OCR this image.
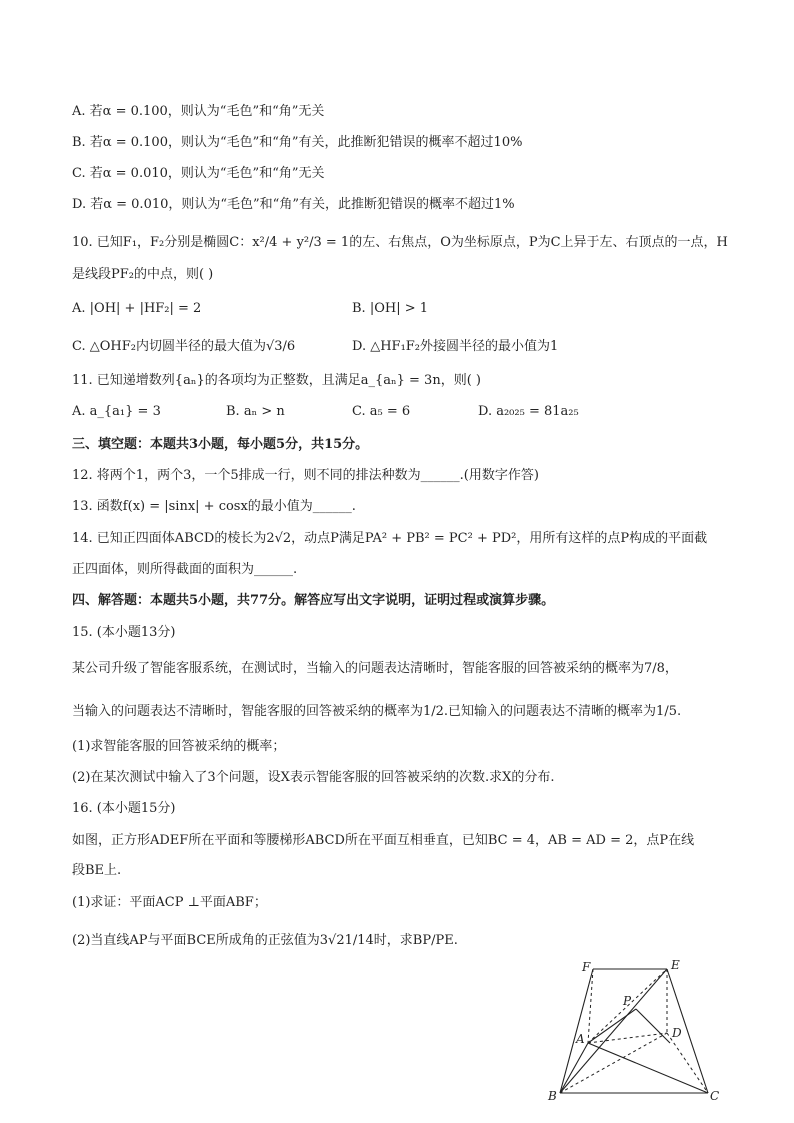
A. 若α = 0.100，则认为“毛色”和“角”无关
B. 若α = 0.100，则认为“毛色”和“角”有关，此推断犯错误的概率不超过10%
C. 若α = 0.010，则认为“毛色”和“角”无关
D. 若α = 0.010，则认为“毛色”和“角”有关，此推断犯错误的概率不超过1%
10. 已知F₁，F₂分别是椭圆C：x²/4 + y²/3 = 1的左、右焦点，O为坐标原点，P为C上异于左、右顶点的一点，H
是线段PF₂的中点，则( )
A. |OH| + |HF₂| = 2	B. |OH| > 1
C. △OHF₂内切圆半径的最大值为√3/6	D. △HF₁F₂外接圆半径的最小值为1
11. 已知递增数列{aₙ}的各项均为正整数，且满足a_{aₙ} = 3n，则( )
A. a_{a₁} = 3	B. aₙ > n	C. a₅ = 6	D. a₂₀₂₅ = 81a₂₅
三、填空题：本题共3小题，每小题5分，共15分。
12. 将两个1，两个3，一个5排成一行，则不同的排法种数为______.(用数字作答)
13. 函数f(x) = |sinx| + cosx的最小值为______.
14. 已知正四面体ABCD的棱长为2√2，动点P满足PA² + PB² = PC² + PD²，用所有这样的点P构成的平面截
正四面体，则所得截面的面积为______.
四、解答题：本题共5小题，共77分。解答应写出文字说明，证明过程或演算步骤。
15. (本小题13分)
某公司升级了智能客服系统，在测试时，当输入的问题表达清晰时，智能客服的回答被采纳的概率为7/8，
当输入的问题表达不清晰时，智能客服的回答被采纳的概率为1/2.已知输入的问题表达不清晰的概率为1/5.
(1)求智能客服的回答被采纳的概率；
(2)在某次测试中输入了3个问题，设X表示智能客服的回答被采纳的次数.求X的分布.
16. (本小题15分)
如图，正方形ADEF所在平面和等腰梯形ABCD所在平面互相垂直，已知BC = 4，AB = AD = 2，点P在线
段BE上.
(1)求证：平面ACP ⊥平面ABF；
(2)当直线AP与平面BCE所成角的正弦值为3√21/14时，求BP/PE.
F	E
P
A	D
B	C
